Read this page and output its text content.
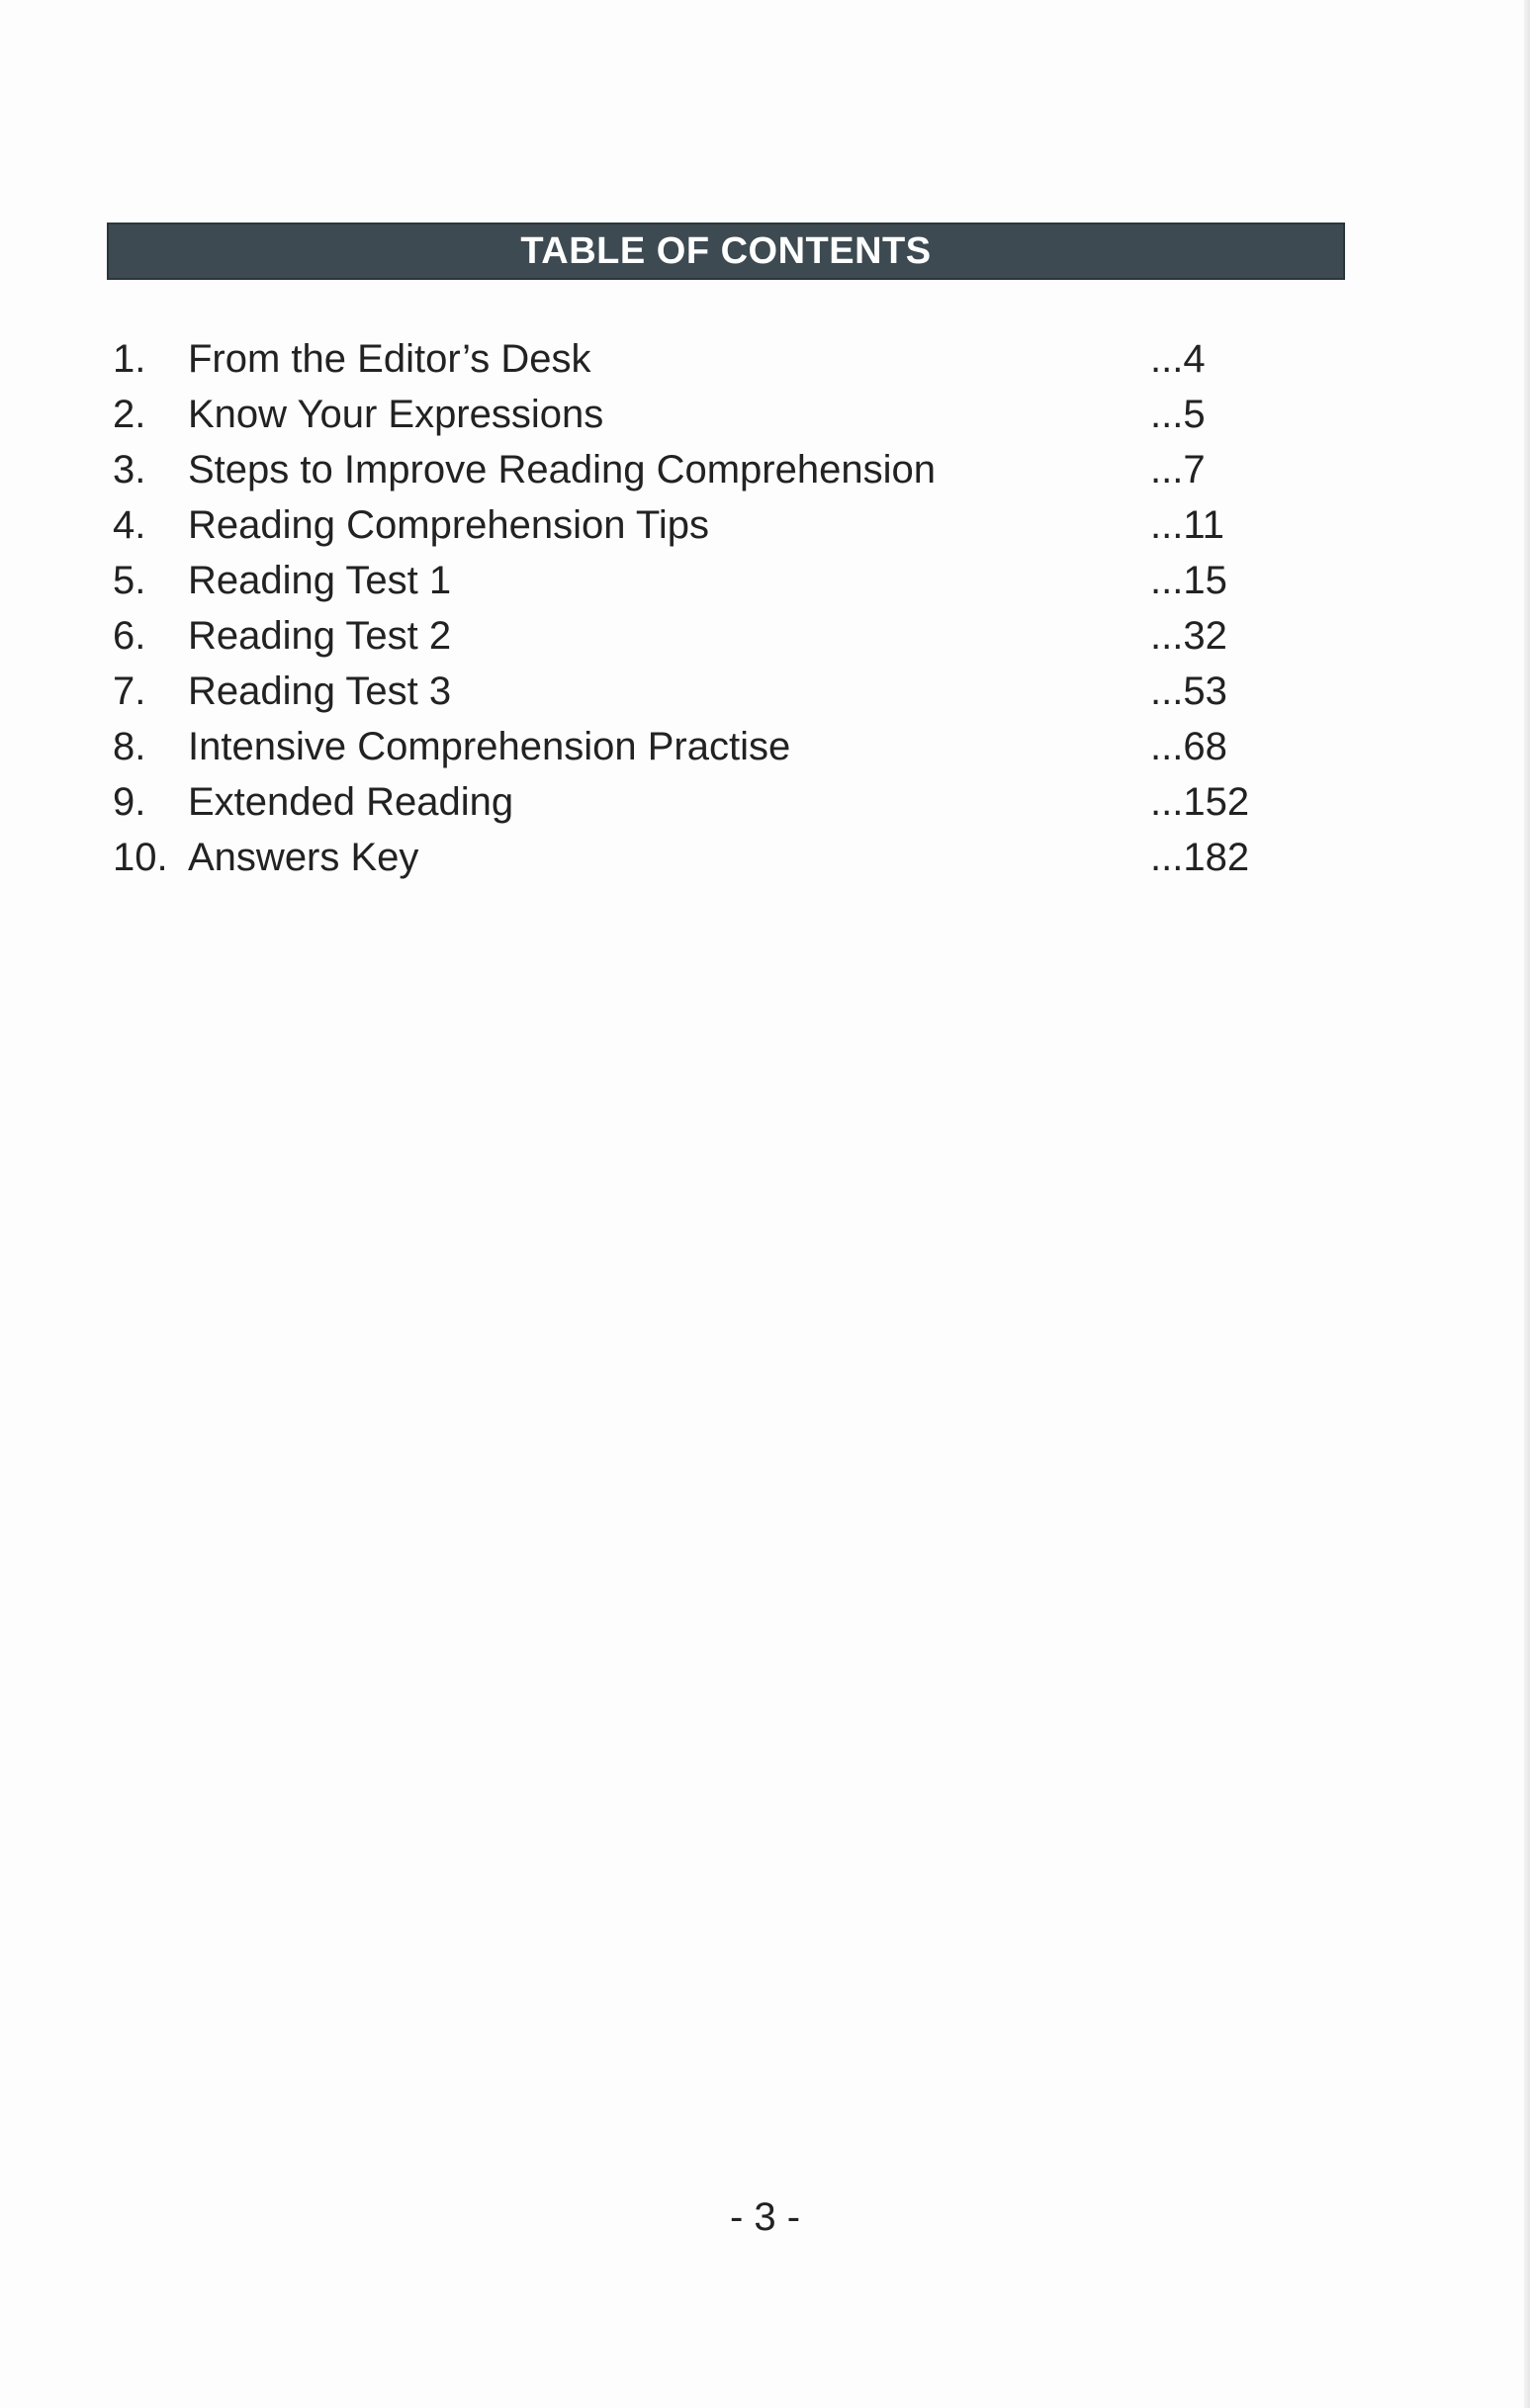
TABLE OF CONTENTS
1. From the Editor’s Desk	...4
2. Know Your Expressions	...5
3. Steps to Improve Reading Comprehension	...7
4. Reading Comprehension Tips	...11
5. Reading Test 1	...15
6. Reading Test 2	...32
7. Reading Test 3	...53
8. Intensive Comprehension Practise	...68
9. Extended Reading	...152
10. Answers Key	...182
- 3 -
